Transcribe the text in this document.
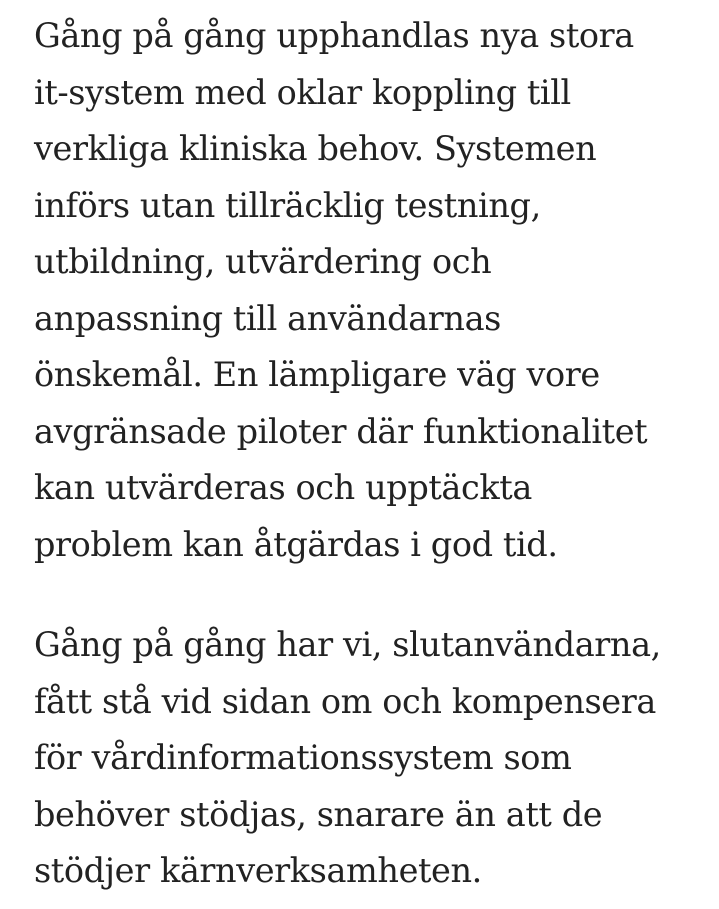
Gång på gång upphandlas nya stora
it-system med oklar koppling till
verkliga kliniska behov. Systemen
införs utan tillräcklig testning,
utbildning, utvärdering och
anpassning till användarnas
önskemål. En lämpligare väg vore
avgränsade piloter där funktionalitet
kan utvärderas och upptäckta
problem kan åtgärdas i god tid.

Gång på gång har vi, slutanvändarna,
fått stå vid sidan om och kompensera
för vårdinformationssystem som
behöver stödjas, snarare än att de
stödjer kärnverksamheten.
